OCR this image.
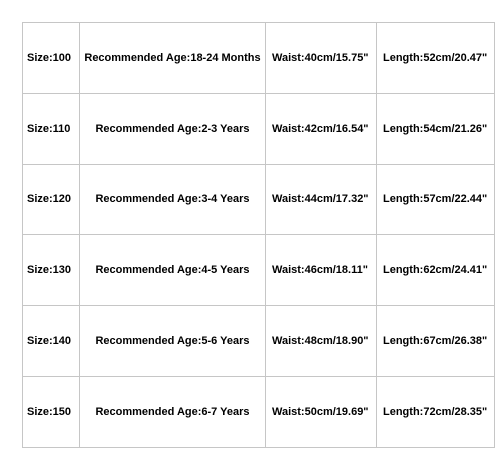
Size:100	Recommended Age:18-24 Months	Waist:40cm/15.75"	Length:52cm/20.47"
Size:110	Recommended Age:2-3 Years	Waist:42cm/16.54"	Length:54cm/21.26"
Size:120	Recommended Age:3-4 Years	Waist:44cm/17.32"	Length:57cm/22.44"
Size:130	Recommended Age:4-5 Years	Waist:46cm/18.11"	Length:62cm/24.41"
Size:140	Recommended Age:5-6 Years	Waist:48cm/18.90"	Length:67cm/26.38"
Size:150	Recommended Age:6-7 Years	Waist:50cm/19.69"	Length:72cm/28.35"
